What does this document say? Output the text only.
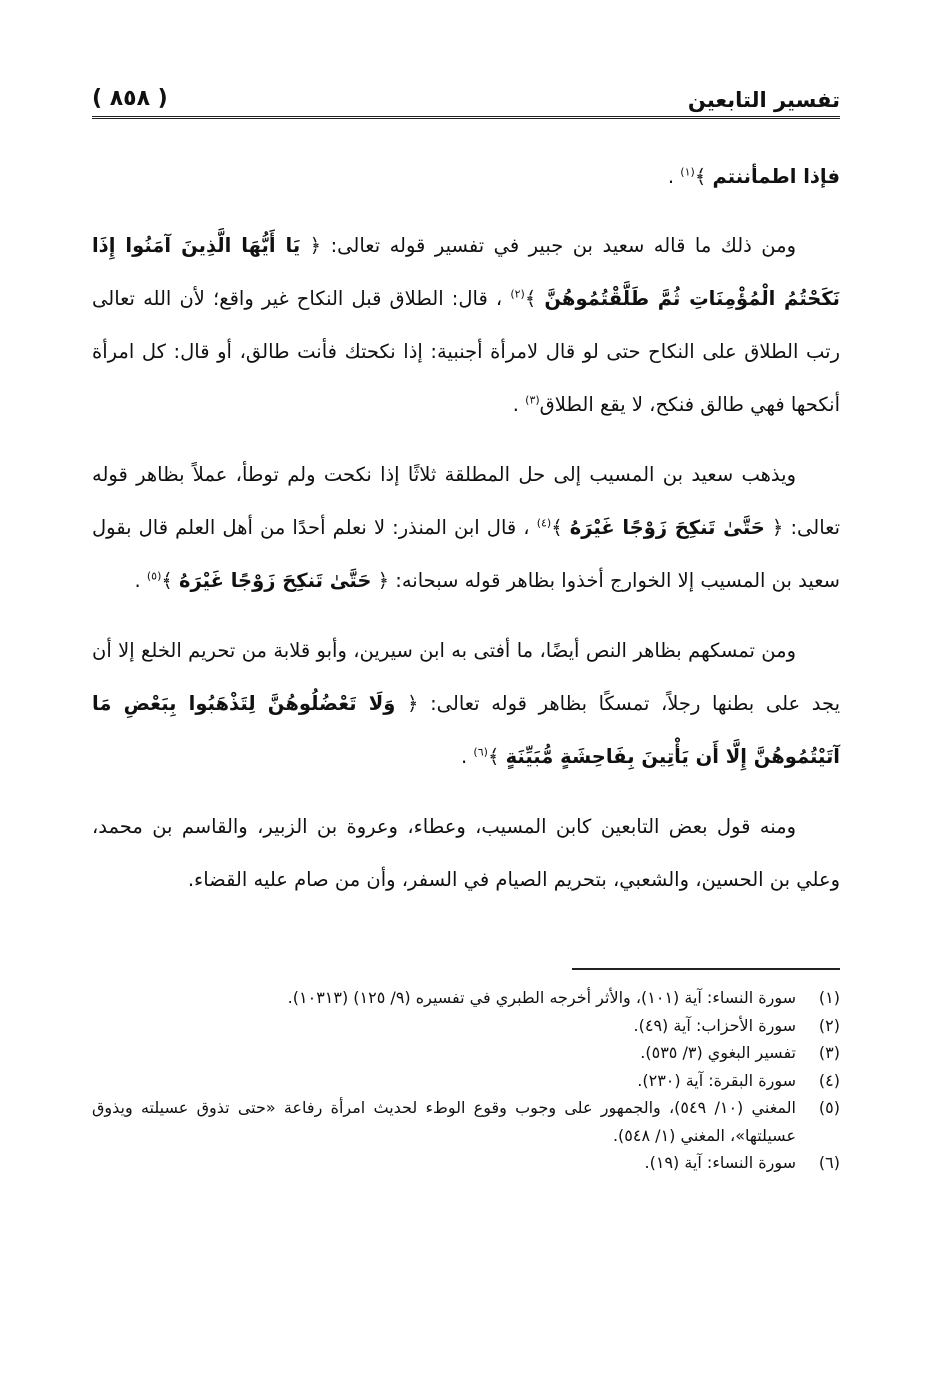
تفسير التابعين
( ٨٥٨ )

فإذا اطمأننتم ﴾$^{(١)}$ .

ومن ذلك ما قاله سعيد بن جبير في تفسير قوله تعالى: ﴿ يَا أَيُّهَا الَّذِينَ آمَنُوا إِذَا نَكَحْتُمُ الْمُؤْمِنَاتِ ثُمَّ طَلَّقْتُمُوهُنَّ ﴾$^{(٢)}$ ، قال: الطلاق قبل النكاح غير واقع؛ لأن الله تعالى رتب الطلاق على النكاح حتى لو قال لامرأة أجنبية: إذا نكحتك فأنت طالق، أو قال: كل امرأة أنكحها فهي طالق فنكح، لا يقع الطلاق$^{(٣)}$ .

ويذهب سعيد بن المسيب إلى حل المطلقة ثلاثًا إذا نكحت ولم توطأ، عملاً بظاهر قوله تعالى: ﴿ حَتَّىٰ تَنكِحَ زَوْجًا غَيْرَهُ ﴾$^{(٤)}$ ، قال ابن المنذر: لا نعلم أحدًا من أهل العلم قال بقول سعيد بن المسيب إلا الخوارج أخذوا بظاهر قوله سبحانه: ﴿ حَتَّىٰ تَنكِحَ زَوْجًا غَيْرَهُ ﴾$^{(٥)}$ .

ومن تمسكهم بظاهر النص أيضًا، ما أفتى به ابن سيرين، وأبو قلابة من تحريم الخلع إلا أن يجد على بطنها رجلاً، تمسكًا بظاهر قوله تعالى: ﴿ وَلَا تَعْضُلُوهُنَّ لِتَذْهَبُوا بِبَعْضِ مَا آتَيْتُمُوهُنَّ إِلَّا أَن يَأْتِينَ بِفَاحِشَةٍ مُّبَيِّنَةٍ ﴾$^{(٦)}$ .

ومنه قول بعض التابعين كابن المسيب، وعطاء، وعروة بن الزبير، والقاسم بن محمد، وعلي بن الحسين، والشعبي، بتحريم الصيام في السفر، وأن من صام عليه القضاء.

(١)
سورة النساء: آية (١٠١)، والأثر أخرجه الطبري في تفسيره (٩/ ١٢٥) (١٠٣١٣).
(٢)
سورة الأحزاب: آية (٤٩).
(٣)
تفسير البغوي (٣/ ٥٣٥).
(٤)
سورة البقرة: آية (٢٣٠).
(٥)
المغني (١٠/ ٥٤٩)، والجمهور على وجوب وقوع الوطء لحديث امرأة رفاعة «حتى تذوق عسيلته ويذوق عسيلتها»، المغني (١/ ٥٤٨).
(٦)
سورة النساء: آية (١٩).
